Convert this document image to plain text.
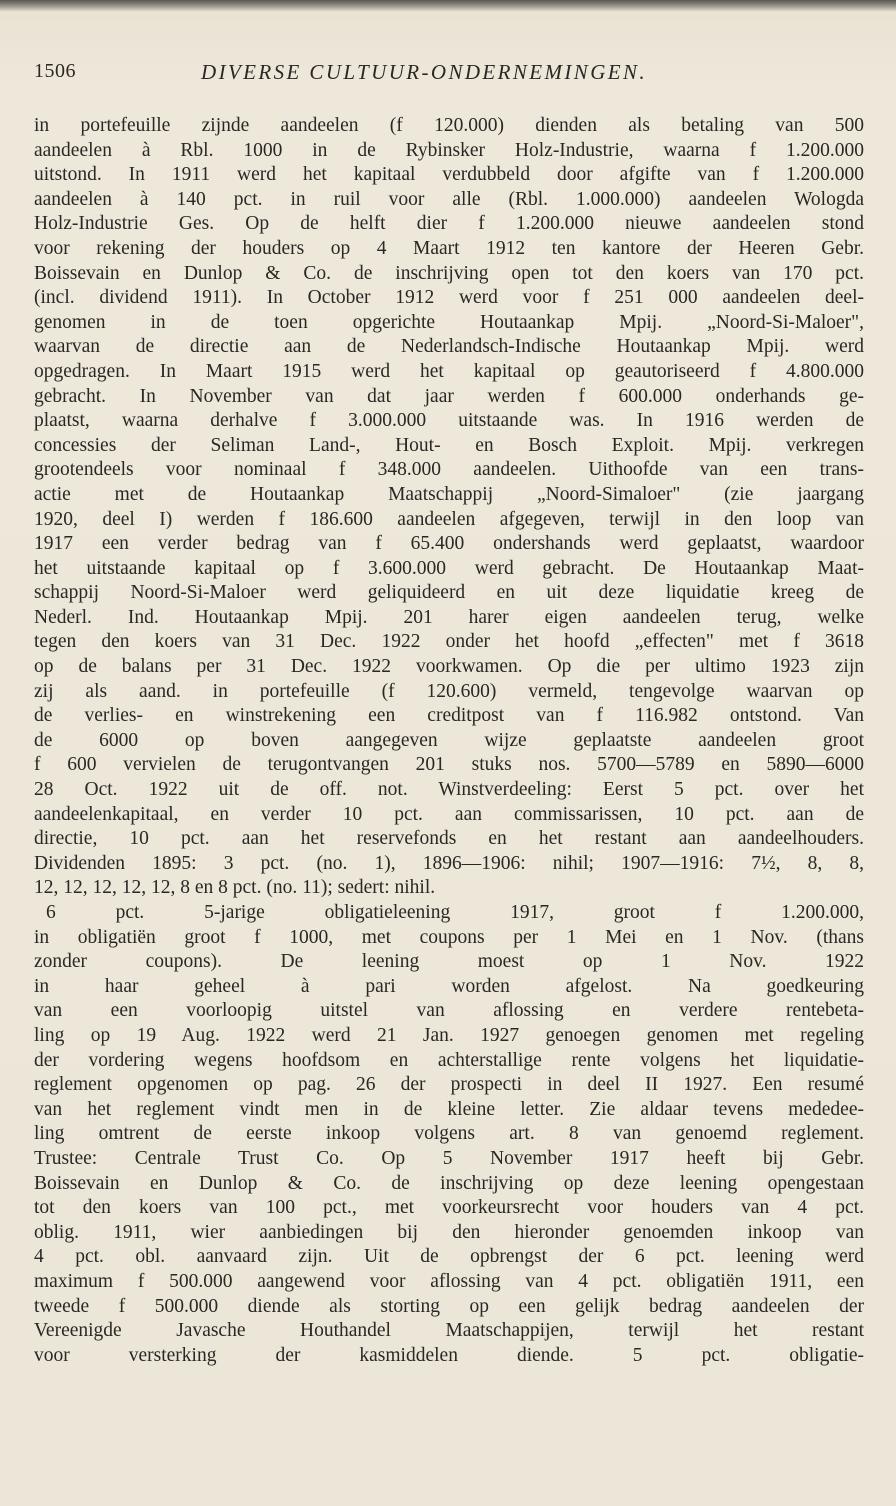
1506	DIVERSE CULTUUR-ONDERNEMINGEN.
in portefeuille zijnde aandeelen (f 120.000) dienden als betaling van 500
aandeelen à Rbl. 1000 in de Rybinsker Holz-Industrie, waarna f 1.200.000
uitstond. In 1911 werd het kapitaal verdubbeld door afgifte van f 1.200.000
aandeelen à 140 pct. in ruil voor alle (Rbl. 1.000.000) aandeelen Wologda
Holz-Industrie Ges. Op de helft dier f 1.200.000 nieuwe aandeelen stond
voor rekening der houders op 4 Maart 1912 ten kantore der Heeren Gebr.
Boissevain en Dunlop & Co. de inschrijving open tot den koers van 170 pct.
(incl. dividend 1911). In October 1912 werd voor f 251 000 aandeelen deel-
genomen in de toen opgerichte Houtaankap Mpij. „Noord-Si-Maloer",
waarvan de directie aan de Nederlandsch-Indische Houtaankap Mpij. werd
opgedragen. In Maart 1915 werd het kapitaal op geautoriseerd f 4.800.000
gebracht. In November van dat jaar werden f 600.000 onderhands ge-
plaatst, waarna derhalve f 3.000.000 uitstaande was. In 1916 werden de
concessies der Seliman Land-, Hout- en Bosch Exploit. Mpij. verkregen
grootendeels voor nominaal f 348.000 aandeelen. Uithoofde van een trans-
actie met de Houtaankap Maatschappij „Noord-Simaloer" (zie jaargang
1920, deel I) werden f 186.600 aandeelen afgegeven, terwijl in den loop van
1917 een verder bedrag van f 65.400 ondershands werd geplaatst, waardoor
het uitstaande kapitaal op f 3.600.000 werd gebracht. De Houtaankap Maat-
schappij Noord-Si-Maloer werd geliquideerd en uit deze liquidatie kreeg de
Nederl. Ind. Houtaankap Mpij. 201 harer eigen aandeelen terug, welke
tegen den koers van 31 Dec. 1922 onder het hoofd „effecten" met f 3618
op de balans per 31 Dec. 1922 voorkwamen. Op die per ultimo 1923 zijn
zij als aand. in portefeuille (f 120.600) vermeld, tengevolge waarvan op
de verlies- en winstrekening een creditpost van f 116.982 ontstond. Van
de 6000 op boven aangegeven wijze geplaatste aandeelen groot
f 600 vervielen de terugontvangen 201 stuks nos. 5700—5789 en 5890—6000
28 Oct. 1922 uit de off. not. Winstverdeeling: Eerst 5 pct. over het
aandeelenkapitaal, en verder 10 pct. aan commissarissen, 10 pct. aan de
directie, 10 pct. aan het reservefonds en het restant aan aandeelhouders.
Dividenden 1895: 3 pct. (no. 1), 1896—1906: nihil; 1907—1916: 7½, 8, 8,
12, 12, 12, 12, 12, 8 en 8 pct. (no. 11); sedert: nihil.
6 pct. 5-jarige obligatieleening 1917, groot f 1.200.000,
in obligatiën groot f 1000, met coupons per 1 Mei en 1 Nov. (thans
zonder coupons). De leening moest op 1 Nov. 1922
in haar geheel à pari worden afgelost. Na goedkeuring
van een voorloopig uitstel van aflossing en verdere rentebeta-
ling op 19 Aug. 1922 werd 21 Jan. 1927 genoegen genomen met regeling
der vordering wegens hoofdsom en achterstallige rente volgens het liquidatie-
reglement opgenomen op pag. 26 der prospecti in deel II 1927. Een resumé
van het reglement vindt men in de kleine letter. Zie aldaar tevens mededee-
ling omtrent de eerste inkoop volgens art. 8 van genoemd reglement.
Trustee: Centrale Trust Co. Op 5 November 1917 heeft bij Gebr.
Boissevain en Dunlop & Co. de inschrijving op deze leening opengestaan
tot den koers van 100 pct., met voorkeursrecht voor houders van 4 pct.
oblig. 1911, wier aanbiedingen bij den hieronder genoemden inkoop van
4 pct. obl. aanvaard zijn. Uit de opbrengst der 6 pct. leening werd
maximum f 500.000 aangewend voor aflossing van 4 pct. obligatiën 1911, een
tweede f 500.000 diende als storting op een gelijk bedrag aandeelen der
Vereenigde Javasche Houthandel Maatschappijen, terwijl het restant
voor versterking der kasmiddelen diende. 5 pct. obligatie-
